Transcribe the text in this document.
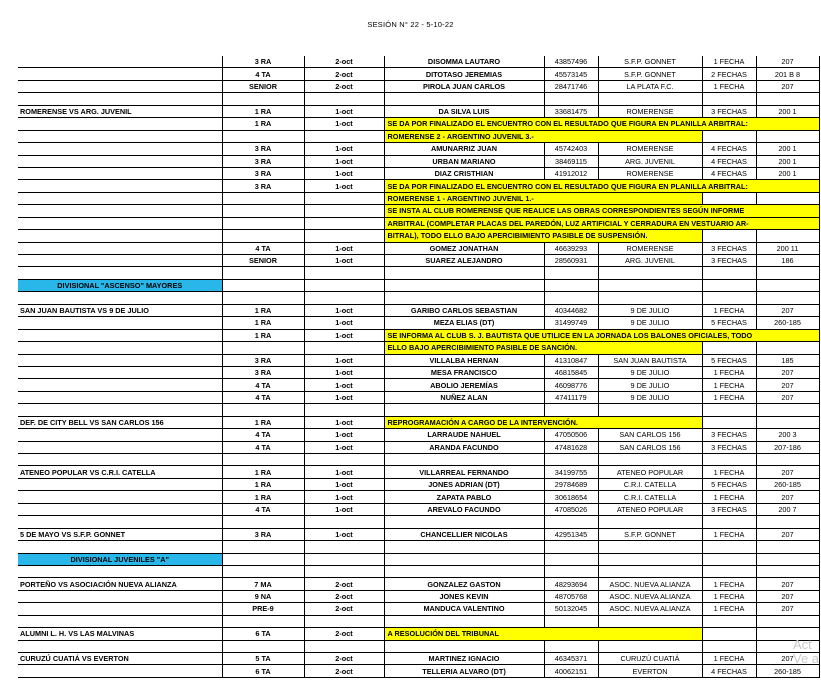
SESIÓN N° 22 - 5-10-22
	3 RA	2-oct	DISOMMA LAUTARO	43857496	S.F.P. GONNET	1 FECHA	207
	4 TA	2-oct	DITOTASO JEREMIAS	45573145	S.F.P. GONNET	2 FECHAS	201 B 8
	SENIOR	2-oct	PIROLA JUAN CARLOS	28471746	LA PLATA F.C.	1 FECHA	207

ROMERENSE VS ARG. JUVENIL	1 RA	1-oct	DA SILVA LUIS	33681475	ROMERENSE	3 FECHAS	200 1
	1 RA	1-oct	SE DA POR FINALIZADO EL ENCUENTRO CON EL RESULTADO QUE FIGURA EN PLANILLA ARBITRAL:				
			ROMERENSE 2 - ARGENTINO JUVENIL 3.-				
	3 RA	1-oct	AMUNARRIZ JUAN	45742403	ROMERENSE	4 FECHAS	200 1
	3 RA	1-oct	URBAN MARIANO	38469115	ARG. JUVENIL	4 FECHAS	200 1
	3 RA	1-oct	DIAZ CRISTHIAN	41912012	ROMERENSE	4 FECHAS	200 1
	3 RA	1-oct	SE DA POR FINALIZADO EL ENCUENTRO CON EL RESULTADO QUE FIGURA EN PLANILLA ARBITRAL:				
			ROMERENSE 1 - ARGENTINO JUVENIL 1.-				
			SE INSTA AL CLUB ROMERENSE QUE REALICE LAS OBRAS CORRESPONDIENTES SEGÚN INFORME				
			ARBITRAL (COMPLETAR PLACAS DEL PAREDÓN, LUZ ARTIFICIAL Y CERRADURA EN VESTUARIO AR-				
			BITRAL), TODO ELLO BAJO APERCIBIMIENTO PASIBLE DE SUSPENSIÓN.				
	4 TA	1-oct	GOMEZ JONATHAN	46639293	ROMERENSE	3 FECHAS	200 11
	SENIOR	1-oct	SUAREZ ALEJANDRO	28560931	ARG. JUVENIL	3 FECHAS	186

DIVISIONAL "ASCENSO" MAYORES							

SAN JUAN BAUTISTA VS 9 DE JULIO	1 RA	1-oct	GARIBO CARLOS SEBASTIAN	40344682	9 DE JULIO	1 FECHA	207
	1 RA	1-oct	MEZA ELIAS (DT)	31499749	9 DE JULIO	5 FECHAS	260-185
	1 RA	1-oct	SE INFORMA AL CLUB S. J. BAUTISTA QUE UTILICE EN LA JORNADA LOS BALONES OFICIALES, TODO				
			ELLO BAJO APERCIBIMIENTO PASIBLE DE SANCIÓN.				
	3 RA	1-oct	VILLALBA HERNAN	41310847	SAN JUAN BAUTISTA	5 FECHAS	185
	3 RA	1-oct	MESA FRANCISCO	46815845	9 DE JULIO	1 FECHA	207
	4 TA	1-oct	ABOLIO JEREMÍAS	46098776	9 DE JULIO	1 FECHA	207
	4 TA	1-oct	NUÑEZ ALAN	47411179	9 DE JULIO	1 FECHA	207

DEF. DE CITY BELL VS SAN CARLOS 156	1 RA	1-oct	REPROGRAMACIÓN A CARGO DE LA INTERVENCIÓN.				
	4 TA	1-oct	LARRAUDE NAHUEL	47050506	SAN CARLOS 156	3 FECHAS	200 3
	4 TA	1-oct	ARANDA FACUNDO	47481628	SAN CARLOS 156	3 FECHAS	207-186

ATENEO POPULAR VS C.R.I. CATELLA	1 RA	1-oct	VILLARREAL FERNANDO	34199755	ATENEO POPULAR	1 FECHA	207
	1 RA	1-oct	JONES ADRIAN (DT)	29784689	C.R.I. CATELLA	5 FECHAS	260-185
	1 RA	1-oct	ZAPATA PABLO	30618654	C.R.I. CATELLA	1 FECHA	207
	4 TA	1-oct	AREVALO FACUNDO	47085026	ATENEO POPULAR	3 FECHAS	200 7

5 DE MAYO VS S.F.P. GONNET	3 RA	1-oct	CHANCELLIER NICOLAS	42951345	S.F.P. GONNET	1 FECHA	207

DIVISIONAL JUVENILES "A"							

PORTEÑO VS ASOCIACIÓN NUEVA ALIANZA	7 MA	2-oct	GONZALEZ GASTON	48293694	ASOC. NUEVA ALIANZA	1 FECHA	207
	9 NA	2-oct	JONES KEVIN	48705768	ASOC. NUEVA ALIANZA	1 FECHA	207
	PRE-9	2-oct	MANDUCA VALENTINO	50132045	ASOC. NUEVA ALIANZA	1 FECHA	207

ALUMNI L. H. VS LAS MALVINAS	6 TA	2-oct	A RESOLUCIÓN DEL TRIBUNAL				

CURUZÚ CUATIÁ VS EVERTON	5 TA	2-oct	MARTINEZ IGNACIO	46345371	CURUZÚ CUATIÁ	1 FECHA	207
	6 TA	2-oct	TELLERIA ALVARO (DT)	40062151	EVERTON	4 FECHAS	260-185
Act
Ve a
